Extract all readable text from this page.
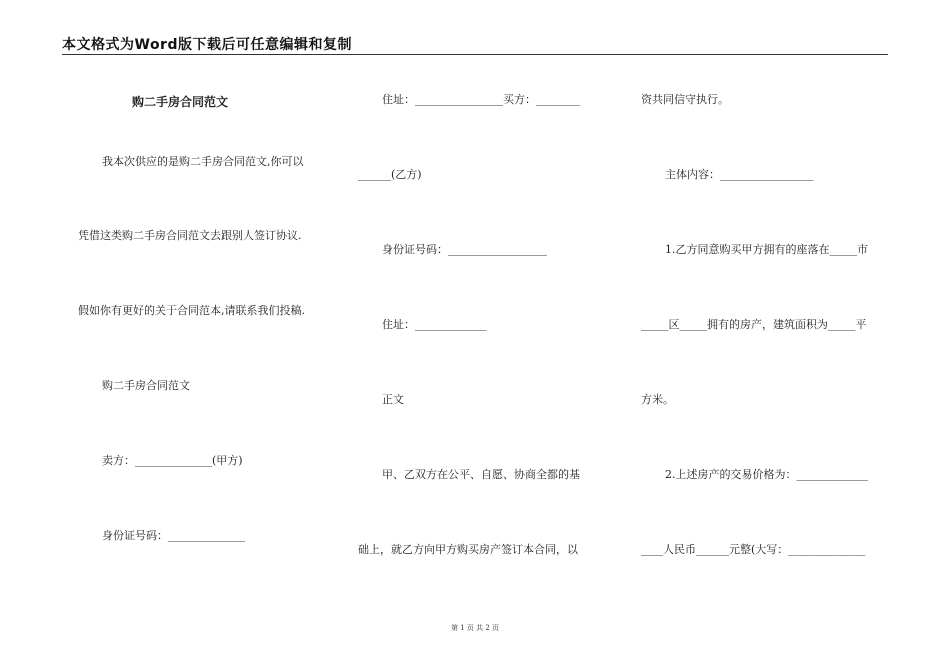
本文格式为Word版下载后可任意编辑和复制
购二手房合同范文
我本次供应的是购二手房合同范文,你可以
凭借这类购二手房合同范文去跟别人签订协议.
假如你有更好的关于合同范本,请联系我们投稿.
购二手房合同范文
卖方：______________(甲方)
身份证号码：______________
住址：________________买方：________
______(乙方)
身份证号码：__________________
住址：_____________
正文
甲、乙双方在公平、自愿、协商全都的基
础上，就乙方向甲方购买房产签订本合同，以
资共同信守执行。
主体内容：_________________
1.乙方同意购买甲方拥有的座落在_____市
_____区_____拥有的房产，建筑面积为_____平
方米。
2.上述房产的交易价格为：_____________
____人民币______元整(大写：______________
第 1 页 共 2 页
